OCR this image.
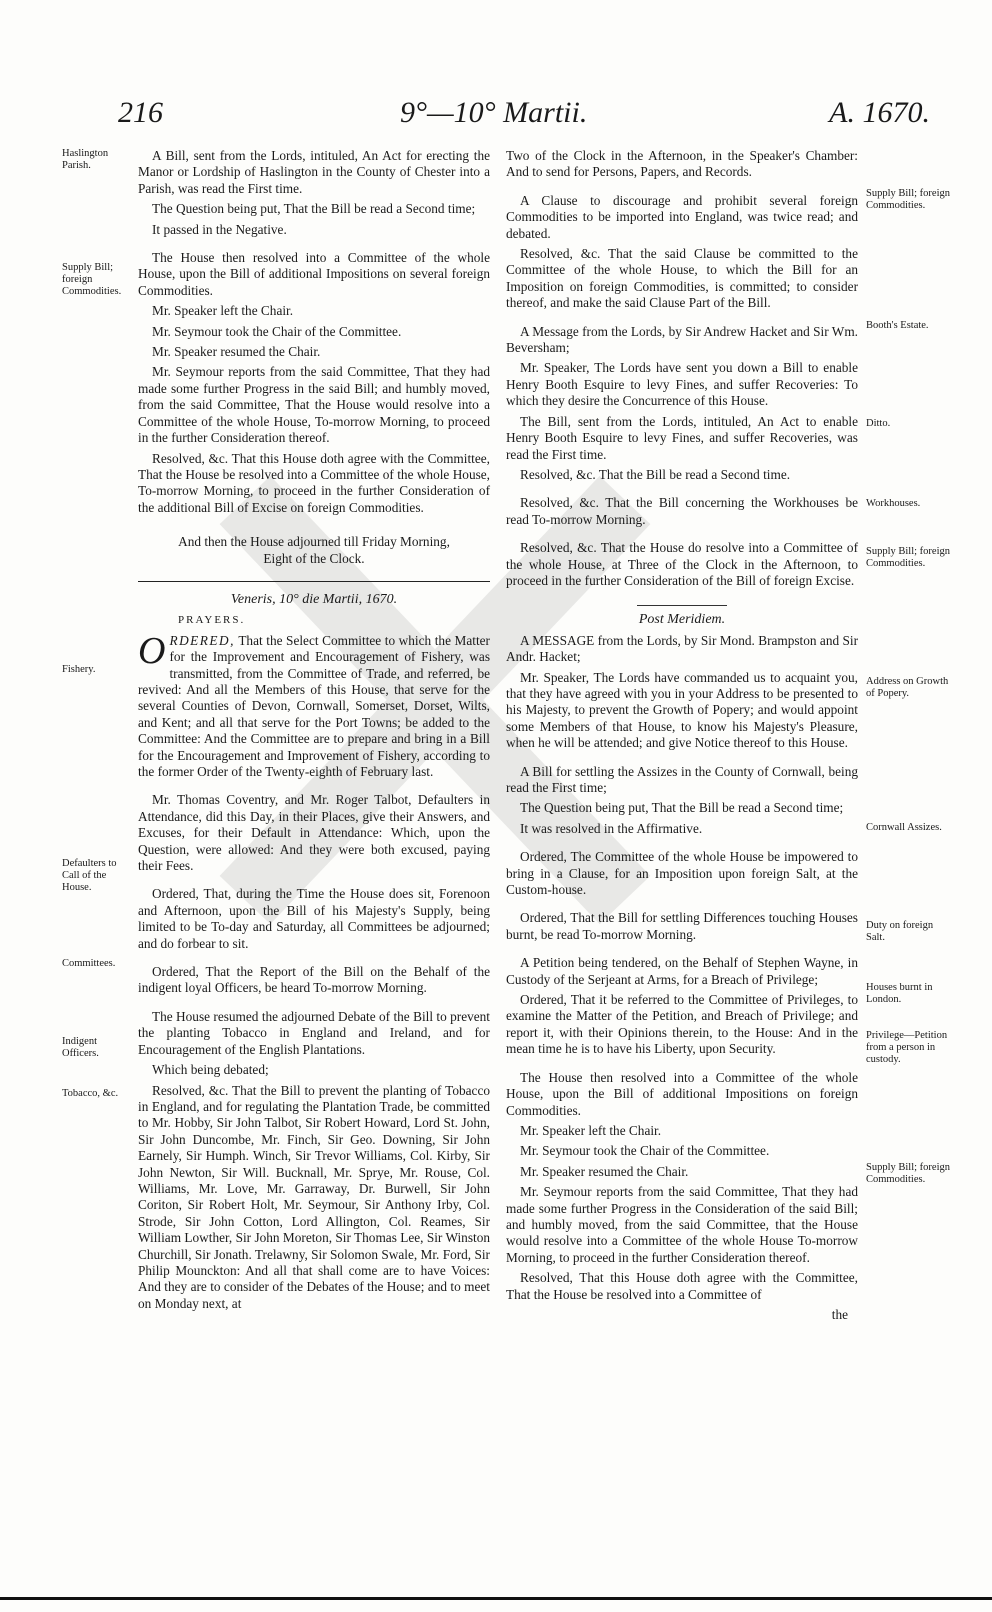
216	9°—10° Martii.	A. 1670.
Haslington Parish.
Supply Bill; foreign Commodities.
Fishery.
Defaulters to Call of the House.
Committees.
Indigent Officers.
Tobacco, &c.
Supply Bill; foreign Commodities.
Booth's Estate.
Ditto.
Workhouses.
Supply Bill; foreign Commodities.
Address on Growth of Popery.
Cornwall Assizes.
Duty on foreign Salt.
Houses burnt in London.
Privilege—Petition from a person in custody.
Supply Bill; foreign Commodities.

A Bill, sent from the Lords, intituled, An Act for erecting the Manor or Lordship of Haslington in the County of Chester into a Parish, was read the First time.

The Question being put, That the Bill be read a Second time;

It passed in the Negative.

The House then resolved into a Committee of the whole House, upon the Bill of additional Impositions on several foreign Commodities.

Mr. Speaker left the Chair.

Mr. Seymour took the Chair of the Committee.

Mr. Speaker resumed the Chair.

Mr. Seymour reports from the said Committee, That they had made some further Progress in the said Bill; and humbly moved, from the said Committee, That the House would resolve into a Committee of the whole House, To-morrow Morning, to proceed in the further Consideration thereof.

Resolved, &c. That this House doth agree with the Committee, That the House be resolved into a Committee of the whole House, To-morrow Morning, to proceed in the further Consideration of the additional Bill of Excise on foreign Commodities.

And then the House adjourned till Friday Morning, Eight of the Clock.

Veneris, 10° die Martii, 1670.

PRAYERS.

ORDERED, That the Select Committee to which the Matter for the Improvement and Encouragement of Fishery, was transmitted, from the Committee of Trade, and referred, be revived: And all the Members of this House, that serve for the several Counties of Devon, Cornwall, Somerset, Dorset, Wilts, and Kent; and all that serve for the Port Towns; be added to the Committee: And the Committee are to prepare and bring in a Bill for the Encouragement and Improvement of Fishery, according to the former Order of the Twenty-eighth of February last.

Mr. Thomas Coventry, and Mr. Roger Talbot, Defaulters in Attendance, did this Day, in their Places, give their Answers, and Excuses, for their Default in Attendance: Which, upon the Question, were allowed: And they were both excused, paying their Fees.

Ordered, That, during the Time the House does sit, Forenoon and Afternoon, upon the Bill of his Majesty's Supply, being limited to be To-day and Saturday, all Committees be adjourned; and do forbear to sit.

Ordered, That the Report of the Bill on the Behalf of the indigent loyal Officers, be heard To-morrow Morning.

The House resumed the adjourned Debate of the Bill to prevent the planting Tobacco in England and Ireland, and for Encouragement of the English Plantations.

Which being debated;

Resolved, &c. That the Bill to prevent the planting of Tobacco in England, and for regulating the Plantation Trade, be committed to Mr. Hobby, Sir John Talbot, Sir Robert Howard, Lord St. John, Sir John Duncombe, Mr. Finch, Sir Geo. Downing, Sir John Earnely, Sir Humph. Winch, Sir Trevor Williams, Col. Kirby, Sir John Newton, Sir Will. Bucknall, Mr. Sprye, Mr. Rouse, Col. Williams, Mr. Love, Mr. Garraway, Dr. Burwell, Sir John Coriton, Sir Robert Holt, Mr. Seymour, Sir Anthony Irby, Col. Strode, Sir John Cotton, Lord Allington, Col. Reames, Sir William Lowther, Sir John Moreton, Sir Thomas Lee, Sir Winston Churchill, Sir Jonath. Trelawny, Sir Solomon Swale, Mr. Ford, Sir Philip Mounckton: And all that shall come are to have Voices: And they are to consider of the Debates of the House; and to meet on Monday next, at

Two of the Clock in the Afternoon, in the Speaker's Chamber: And to send for Persons, Papers, and Records.

A Clause to discourage and prohibit several foreign Commodities to be imported into England, was twice read; and debated.

Resolved, &c. That the said Clause be committed to the Committee of the whole House, to which the Bill for an Imposition on foreign Commodities, is committed; to consider thereof, and make the said Clause Part of the Bill.

A Message from the Lords, by Sir Andrew Hacket and Sir Wm. Beversham;

Mr. Speaker, The Lords have sent you down a Bill to enable Henry Booth Esquire to levy Fines, and suffer Recoveries: To which they desire the Concurrence of this House.

The Bill, sent from the Lords, intituled, An Act to enable Henry Booth Esquire to levy Fines, and suffer Recoveries, was read the First time.

Resolved, &c. That the Bill be read a Second time.

Resolved, &c. That the Bill concerning the Workhouses be read To-morrow Morning.

Resolved, &c. That the House do resolve into a Committee of the whole House, at Three of the Clock in the Afternoon, to proceed in the further Consideration of the Bill of foreign Excise.

Post Meridiem.

A MESSAGE from the Lords, by Sir Mond. Brampston and Sir Andr. Hacket;

Mr. Speaker, The Lords have commanded us to acquaint you, that they have agreed with you in your Address to be presented to his Majesty, to prevent the Growth of Popery; and would appoint some Members of that House, to know his Majesty's Pleasure, when he will be attended; and give Notice thereof to this House.

A Bill for settling the Assizes in the County of Cornwall, being read the First time;

The Question being put, That the Bill be read a Second time;

It was resolved in the Affirmative.

Ordered, The Committee of the whole House be impowered to bring in a Clause, for an Imposition upon foreign Salt, at the Custom-house.

Ordered, That the Bill for settling Differences touching Houses burnt, be read To-morrow Morning.

A Petition being tendered, on the Behalf of Stephen Wayne, in Custody of the Serjeant at Arms, for a Breach of Privilege;

Ordered, That it be referred to the Committee of Privileges, to examine the Matter of the Petition, and Breach of Privilege; and report it, with their Opinions therein, to the House: And in the mean time he is to have his Liberty, upon Security.

The House then resolved into a Committee of the whole House, upon the Bill of additional Impositions on foreign Commodities.

Mr. Speaker left the Chair.

Mr. Seymour took the Chair of the Committee.

Mr. Speaker resumed the Chair.

Mr. Seymour reports from the said Committee, That they had made some further Progress in the Consideration of the said Bill; and humbly moved, from the said Committee, that the House would resolve into a Committee of the whole House To-morrow Morning, to proceed in the further Consideration thereof.

Resolved, That this House doth agree with the Committee, That the House be resolved into a Committee of

the
